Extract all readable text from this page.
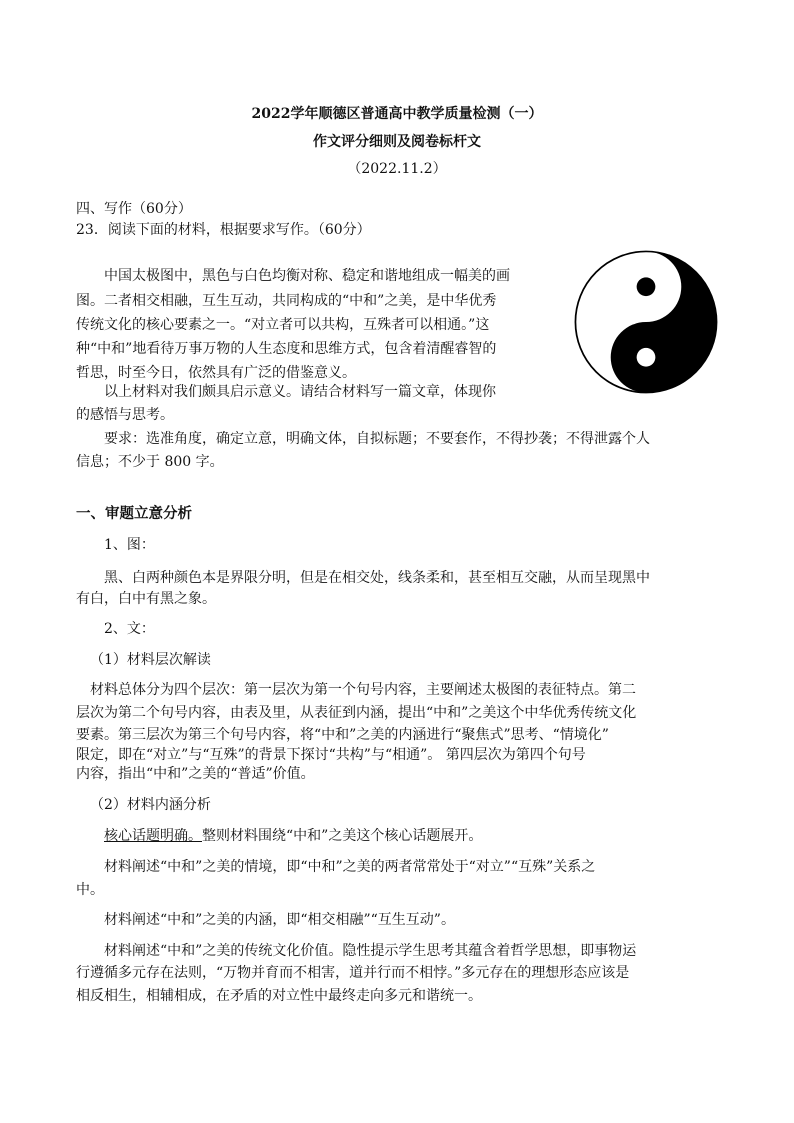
2022学年顺德区普通高中教学质量检测（一）
作文评分细则及阅卷标杆文
（2022.11.2）
四、写作（60分）
23．阅读下面的材料，根据要求写作。（60分）
中国太极图中，黑色与白色均衡对称、稳定和谐地组成一幅美的画
图。二者相交相融，互生互动，共同构成的“中和”之美，是中华优秀
传统文化的核心要素之一。“对立者可以共构，互殊者可以相通。”这
种“中和”地看待万事万物的人生态度和思维方式，包含着清醒睿智的
哲思，时至今日，依然具有广泛的借鉴意义。
以上材料对我们颇具启示意义。请结合材料写一篇文章，体现你
的感悟与思考。
要求：选准角度，确定立意，明确文体，自拟标题；不要套作，不得抄袭；不得泄露个人
信息；不少于 800 字。
一、审题立意分析
1、图：
黑、白两种颜色本是界限分明，但是在相交处，线条柔和，甚至相互交融，从而呈现黑中
有白，白中有黑之象。
2、文：
（1）材料层次解读
材料总体分为四个层次：第一层次为第一个句号内容，主要阐述太极图的表征特点。第二
层次为第二个句号内容，由表及里，从表征到内涵，提出“中和”之美这个中华优秀传统文化
要素。第三层次为第三个句号内容，将“中和”之美的内涵进行“聚焦式”思考、“情境化”
限定，即在“对立”与“互殊”的背景下探讨“共构”与“相通”。 第四层次为第四个句号
内容，指出“中和”之美的“普适”价值。
（2）材料内涵分析
核心话题明确。整则材料围绕“中和”之美这个核心话题展开。
材料阐述“中和”之美的情境，即“中和”之美的两者常常处于“对立”“互殊”关系之
中。
材料阐述“中和”之美的内涵，即“相交相融”“互生互动”。
材料阐述“中和”之美的传统文化价值。隐性提示学生思考其蕴含着哲学思想，即事物运
行遵循多元存在法则，“万物并育而不相害，道并行而不相悖。”多元存在的理想形态应该是
相反相生，相辅相成，在矛盾的对立性中最终走向多元和谐统一。
